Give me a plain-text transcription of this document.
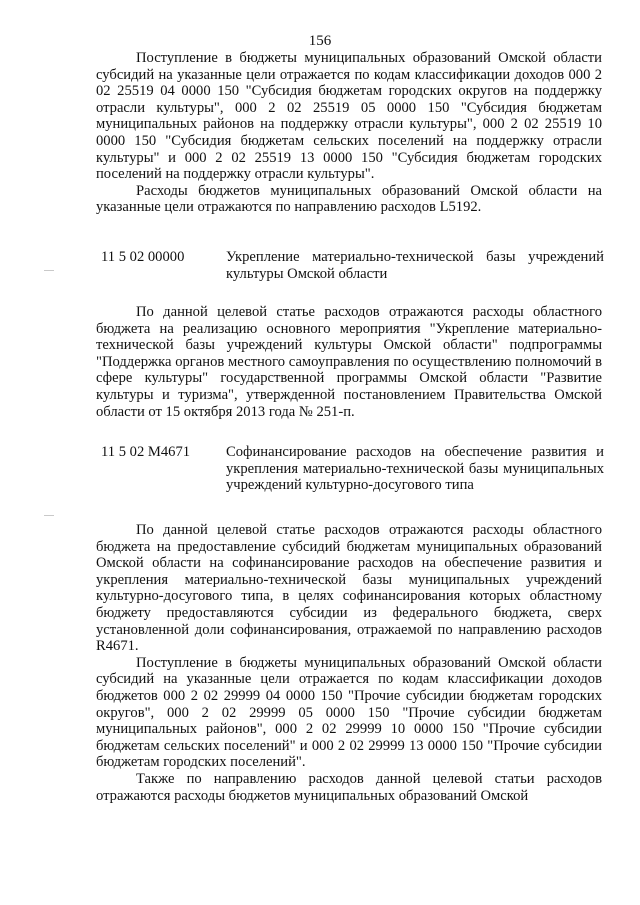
156

Поступление в бюджеты муниципальных образований Омской области субсидий на указанные цели отражается по кодам классификации доходов 000 2 02 25519 04 0000 150 "Субсидия бюджетам городских округов на поддержку отрасли культуры", 000 2 02 25519 05 0000 150 "Субсидия бюджетам муниципальных районов на поддержку отрасли культуры", 000 2 02 25519 10 0000 150 "Субсидия бюджетам сельских поселений на поддержку отрасли культуры" и 000 2 02 25519 13 0000 150 "Субсидия бюджетам городских поселений на поддержку отрасли культуры".

Расходы бюджетов муниципальных образований Омской области на указанные цели отражаются по направлению расходов L5192.

11 5 02 00000	Укрепление материально-технической базы учреждений культуры Омской области

По данной целевой статье расходов отражаются расходы областного бюджета на реализацию основного мероприятия "Укрепление материально-технической базы учреждений культуры Омской области" подпрограммы "Поддержка органов местного самоуправления по осуществлению полномочий в сфере культуры" государственной программы Омской области "Развитие культуры и туризма", утвержденной постановлением Правительства Омской области от 15 октября 2013 года № 251-п.

11 5 02 M4671 Софинансирование расходов на обеспечение развития и укрепления материально-технической базы муниципальных учреждений культурно-досугового типа

По данной целевой статье расходов отражаются расходы областного бюджета на предоставление субсидий бюджетам муниципальных образований Омской области на софинансирование расходов на обеспечение развития и укрепления материально-технической базы муниципальных учреждений культурно-досугового типа, в целях софинансирования которых областному бюджету предоставляются субсидии из федерального бюджета, сверх установленной доли софинансирования, отражаемой по направлению расходов R4671.

Поступление в бюджеты муниципальных образований Омской области субсидий на указанные цели отражается по кодам классификации доходов бюджетов 000 2 02 29999 04 0000 150 "Прочие субсидии бюджетам городских округов", 000 2 02 29999 05 0000 150 "Прочие субсидии бюджетам муниципальных районов", 000 2 02 29999 10 0000 150 "Прочие субсидии бюджетам сельских поселений" и 000 2 02 29999 13 0000 150 "Прочие субсидии бюджетам городских поселений".

Также по направлению расходов данной целевой статьи расходов отражаются расходы бюджетов муниципальных образований Омской
